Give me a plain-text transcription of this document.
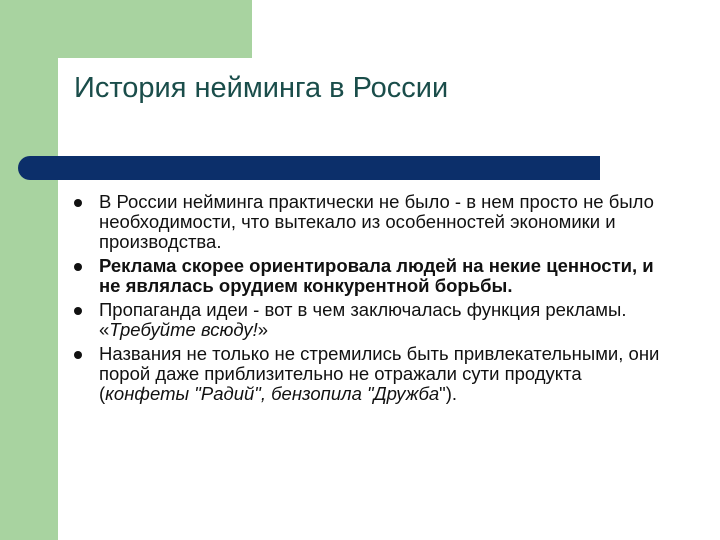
История нейминга в России
В России нейминга практически не было - в нем просто не было необходимости, что вытекало из особенностей экономики и производства.
Реклама скорее ориентировала людей на некие ценности, и не являлась орудием конкурентной борьбы.
Пропаганда идеи - вот в чем заключалась функция рекламы. «Требуйте всюду!»
Названия не только не стремились быть привлекательными, они порой даже приблизительно не отражали сути продукта (конфеты "Радий", бензопила "Дружба").
